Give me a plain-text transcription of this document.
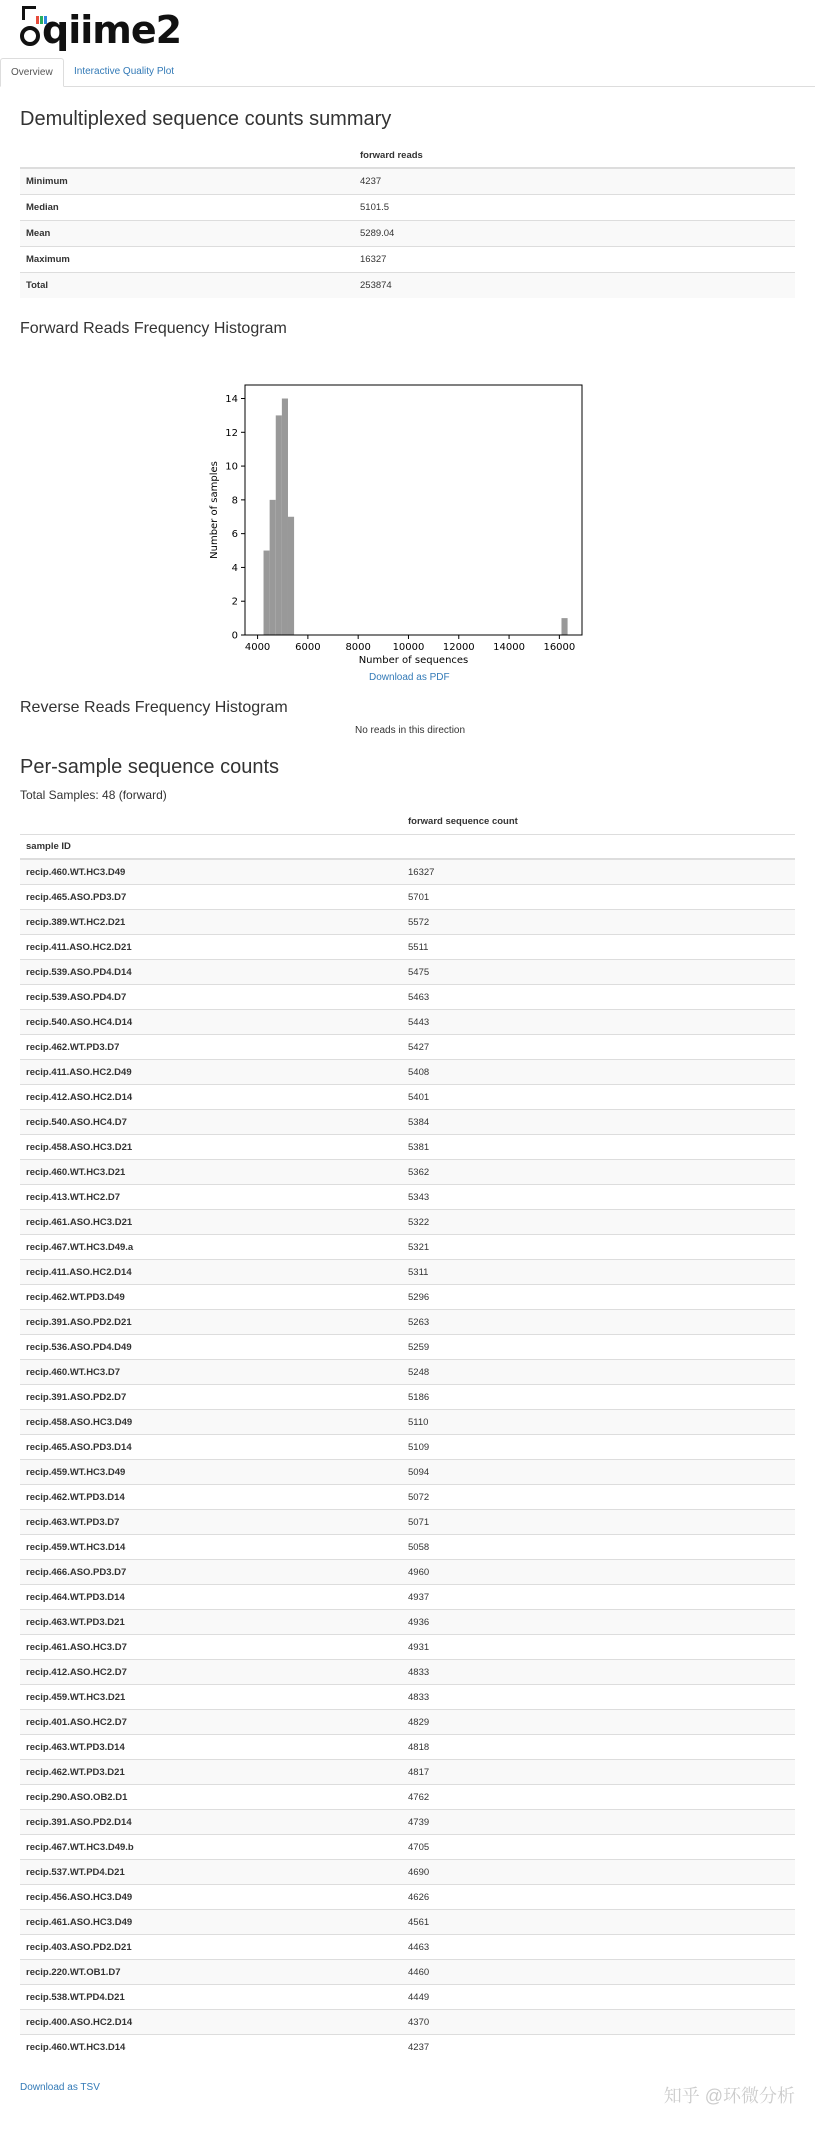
qiime2
Overview	Interactive Quality Plot
Demultiplexed sequence counts summary
	forward reads
Minimum	4237
Median	5101.5
Mean	5289.04
Maximum	16327
Total	253874
Forward Reads Frequency Histogram
4000 6000 8000 10000 12000 14000 16000
0
2
4
6
8
10
12
14
Number of sequences
Number of samples
Download as PDF
Reverse Reads Frequency Histogram
No reads in this direction
Per-sample sequence counts
Total Samples: 48 (forward)
	forward sequence count
sample ID	
recip.460.WT.HC3.D49	16327
recip.465.ASO.PD3.D7	5701
recip.389.WT.HC2.D21	5572
recip.411.ASO.HC2.D21	5511
recip.539.ASO.PD4.D14	5475
recip.539.ASO.PD4.D7	5463
recip.540.ASO.HC4.D14	5443
recip.462.WT.PD3.D7	5427
recip.411.ASO.HC2.D49	5408
recip.412.ASO.HC2.D14	5401
recip.540.ASO.HC4.D7	5384
recip.458.ASO.HC3.D21	5381
recip.460.WT.HC3.D21	5362
recip.413.WT.HC2.D7	5343
recip.461.ASO.HC3.D21	5322
recip.467.WT.HC3.D49.a	5321
recip.411.ASO.HC2.D14	5311
recip.462.WT.PD3.D49	5296
recip.391.ASO.PD2.D21	5263
recip.536.ASO.PD4.D49	5259
recip.460.WT.HC3.D7	5248
recip.391.ASO.PD2.D7	5186
recip.458.ASO.HC3.D49	5110
recip.465.ASO.PD3.D14	5109
recip.459.WT.HC3.D49	5094
recip.462.WT.PD3.D14	5072
recip.463.WT.PD3.D7	5071
recip.459.WT.HC3.D14	5058
recip.466.ASO.PD3.D7	4960
recip.464.WT.PD3.D14	4937
recip.463.WT.PD3.D21	4936
recip.461.ASO.HC3.D7	4931
recip.412.ASO.HC2.D7	4833
recip.459.WT.HC3.D21	4833
recip.401.ASO.HC2.D7	4829
recip.463.WT.PD3.D14	4818
recip.462.WT.PD3.D21	4817
recip.290.ASO.OB2.D1	4762
recip.391.ASO.PD2.D14	4739
recip.467.WT.HC3.D49.b	4705
recip.537.WT.PD4.D21	4690
recip.456.ASO.HC3.D49	4626
recip.461.ASO.HC3.D49	4561
recip.403.ASO.PD2.D21	4463
recip.220.WT.OB1.D7	4460
recip.538.WT.PD4.D21	4449
recip.400.ASO.HC2.D14	4370
recip.460.WT.HC3.D14	4237
Download as TSV	知乎 @环微分析
